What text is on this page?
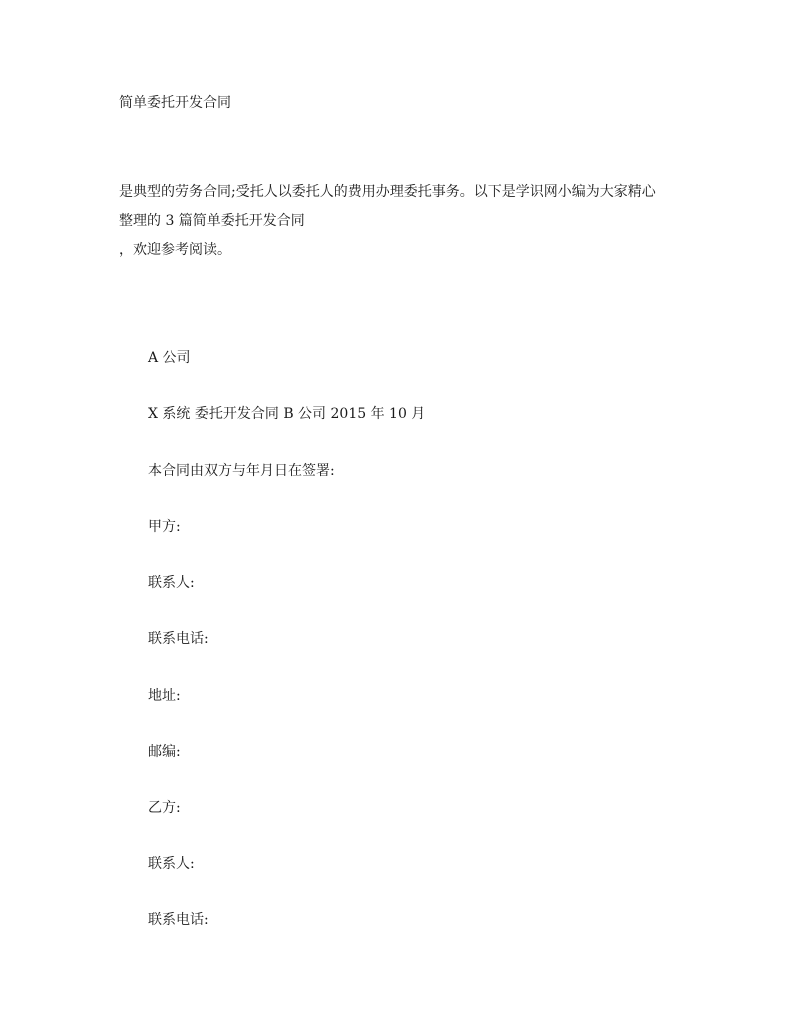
简单委托开发合同
是典型的劳务合同;受托人以委托人的费用办理委托事务。以下是学识网小编为大家精心
整理的 3 篇简单委托开发合同
，欢迎参考阅读。
A 公司
X 系统 委托开发合同 B 公司 2015 年 10 月
本合同由双方与年月日在签署:
甲方:
联系人:
联系电话:
地址:
邮编:
乙方:
联系人:
联系电话:
